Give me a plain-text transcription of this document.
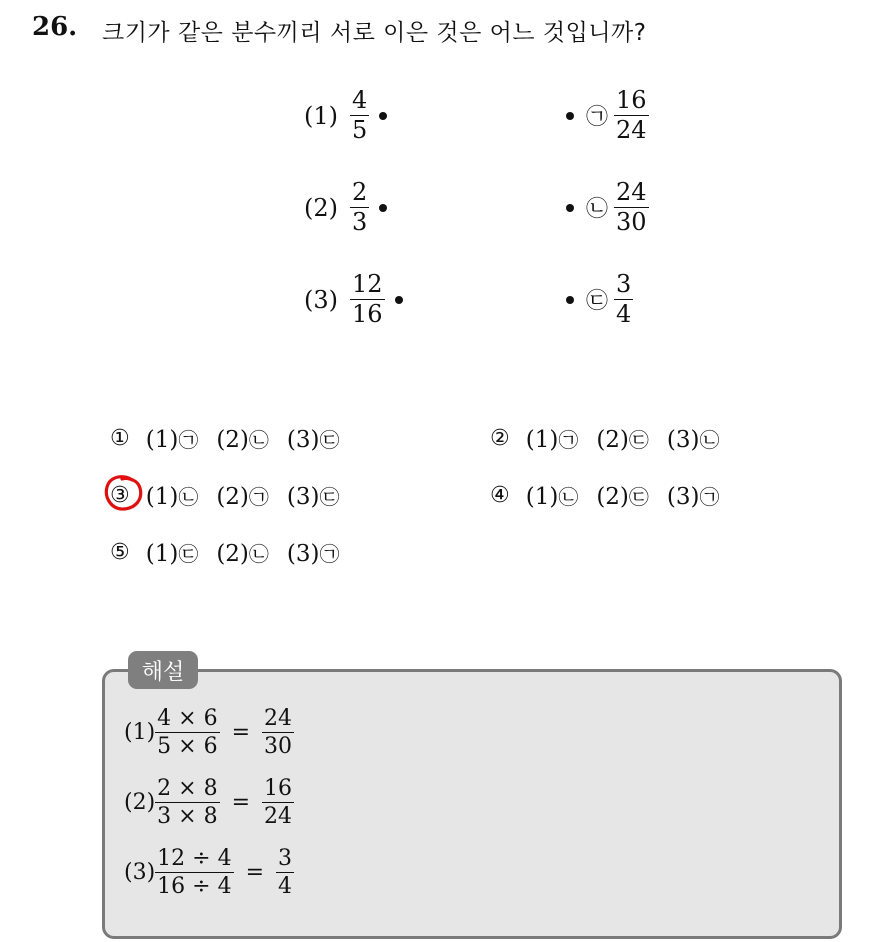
26. 크기가 같은 분수끼리 서로 이은 것은 어느 것입니까?
$(1) \frac{4}{5}$
$(2) \frac{2}{3}$
$(3) \frac{12}{16}$
㉠ $\frac{16}{24}$
㉡ $\frac{24}{30}$
㉢ $\frac{3}{4}$
① (1)㉠ (2)㉡ (3)㉢	② (1)㉠ (2)㉢ (3)㉡
③ (1)㉡ (2)㉠ (3)㉢	④ (1)㉡ (2)㉢ (3)㉠
⑤ (1)㉢ (2)㉡ (3)㉠
해설
$(1) \frac{4 \times 6}{5 \times 6} = \frac{24}{30}$
$(2) \frac{2 \times 8}{3 \times 8} = \frac{16}{24}$
$(3) \frac{12 \div 4}{16 \div 4} = \frac{3}{4}$
